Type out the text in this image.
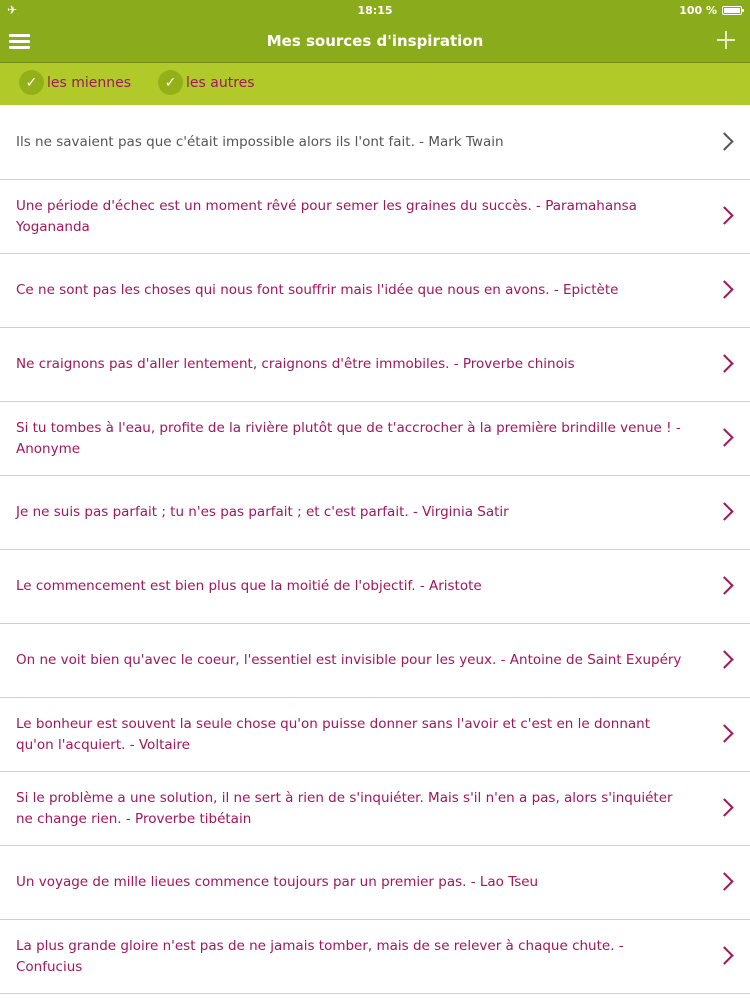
✈	18:15	100 %
Mes sources d'inspiration
✓ les miennes	✓ les autres
Ils ne savaient pas que c'était impossible alors ils l'ont fait. - Mark Twain
Une période d'échec est un moment rêvé pour semer les graines du succès. - Paramahansa Yogananda
Ce ne sont pas les choses qui nous font souffrir mais l'idée que nous en avons. - Epictète
Ne craignons pas d'aller lentement, craignons d'être immobiles. - Proverbe chinois
Si tu tombes à l'eau, profite de la rivière plutôt que de t'accrocher à la première brindille venue ! - Anonyme
Je ne suis pas parfait ; tu n'es pas parfait ; et c'est parfait. - Virginia Satir
Le commencement est bien plus que la moitié de l'objectif. - Aristote
On ne voit bien qu'avec le coeur, l'essentiel est invisible pour les yeux. - Antoine de Saint Exupéry
Le bonheur est souvent la seule chose qu'on puisse donner sans l'avoir et c'est en le donnant qu'on l'acquiert. - Voltaire
Si le problème a une solution, il ne sert à rien de s'inquiéter. Mais s'il n'en a pas, alors s'inquiéter ne change rien. - Proverbe tibétain
Un voyage de mille lieues commence toujours par un premier pas. - Lao Tseu
La plus grande gloire n'est pas de ne jamais tomber, mais de se relever à chaque chute. - Confucius
